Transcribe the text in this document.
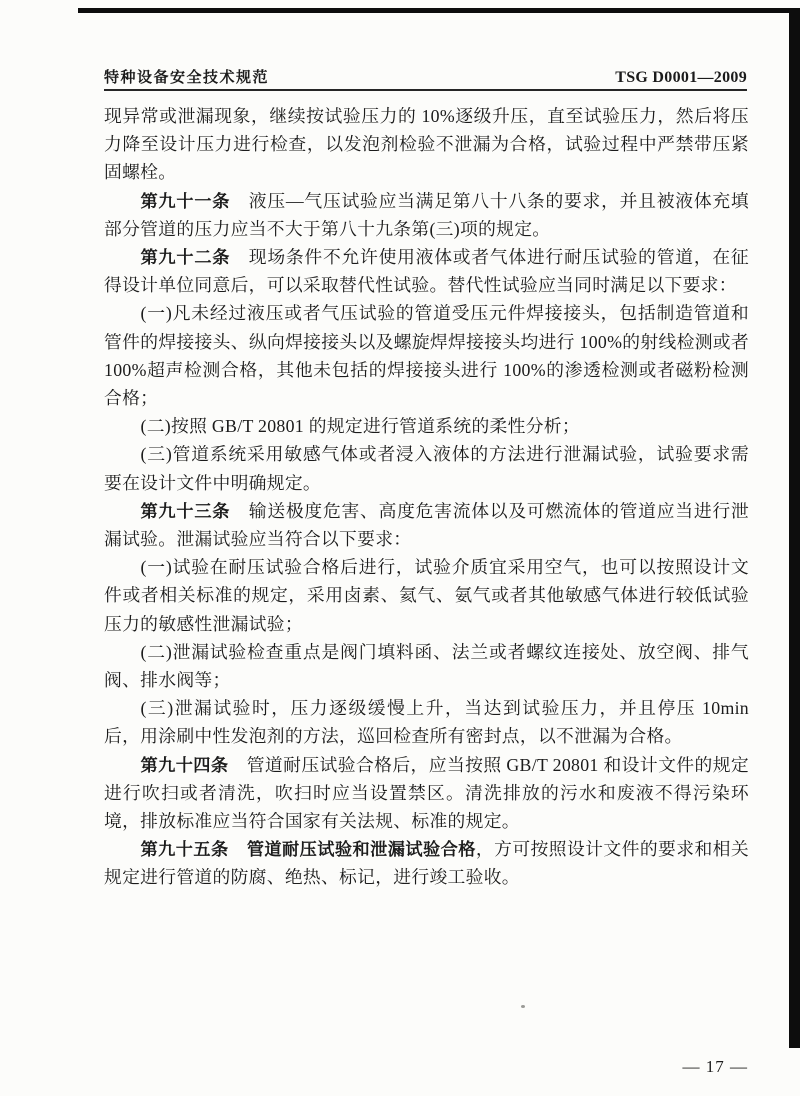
特种设备安全技术规范	TSG D0001—2009

现异常或泄漏现象，继续按试验压力的 10%逐级升压，直至试验压力，然后将压力降至设计压力进行检查，以发泡剂检验不泄漏为合格，试验过程中严禁带压紧固螺栓。

第九十一条　液压—气压试验应当满足第八十八条的要求，并且被液体充填部分管道的压力应当不大于第八十九条第(三)项的规定。

第九十二条　现场条件不允许使用液体或者气体进行耐压试验的管道，在征得设计单位同意后，可以采取替代性试验。替代性试验应当同时满足以下要求：

(一)凡未经过液压或者气压试验的管道受压元件焊接接头，包括制造管道和管件的焊接接头、纵向焊接接头以及螺旋焊焊接接头均进行 100%的射线检测或者 100%超声检测合格，其他未包括的焊接接头进行 100%的渗透检测或者磁粉检测合格；

(二)按照 GB/T 20801 的规定进行管道系统的柔性分析；

(三)管道系统采用敏感气体或者浸入液体的方法进行泄漏试验，试验要求需要在设计文件中明确规定。

第九十三条　输送极度危害、高度危害流体以及可燃流体的管道应当进行泄漏试验。泄漏试验应当符合以下要求：

(一)试验在耐压试验合格后进行，试验介质宜采用空气，也可以按照设计文件或者相关标准的规定，采用卤素、氦气、氨气或者其他敏感气体进行较低试验压力的敏感性泄漏试验；

(二)泄漏试验检查重点是阀门填料函、法兰或者螺纹连接处、放空阀、排气阀、排水阀等；

(三)泄漏试验时，压力逐级缓慢上升，当达到试验压力，并且停压 10min 后，用涂刷中性发泡剂的方法，巡回检查所有密封点，以不泄漏为合格。

第九十四条　管道耐压试验合格后，应当按照 GB/T 20801 和设计文件的规定进行吹扫或者清洗，吹扫时应当设置禁区。清洗排放的污水和废液不得污染环境，排放标准应当符合国家有关法规、标准的规定。

第九十五条　 管道耐压试验和泄漏试验合格，方可按照设计文件的要求和相关规定进行管道的防腐、绝热、标记，进行竣工验收。

— 17 —
